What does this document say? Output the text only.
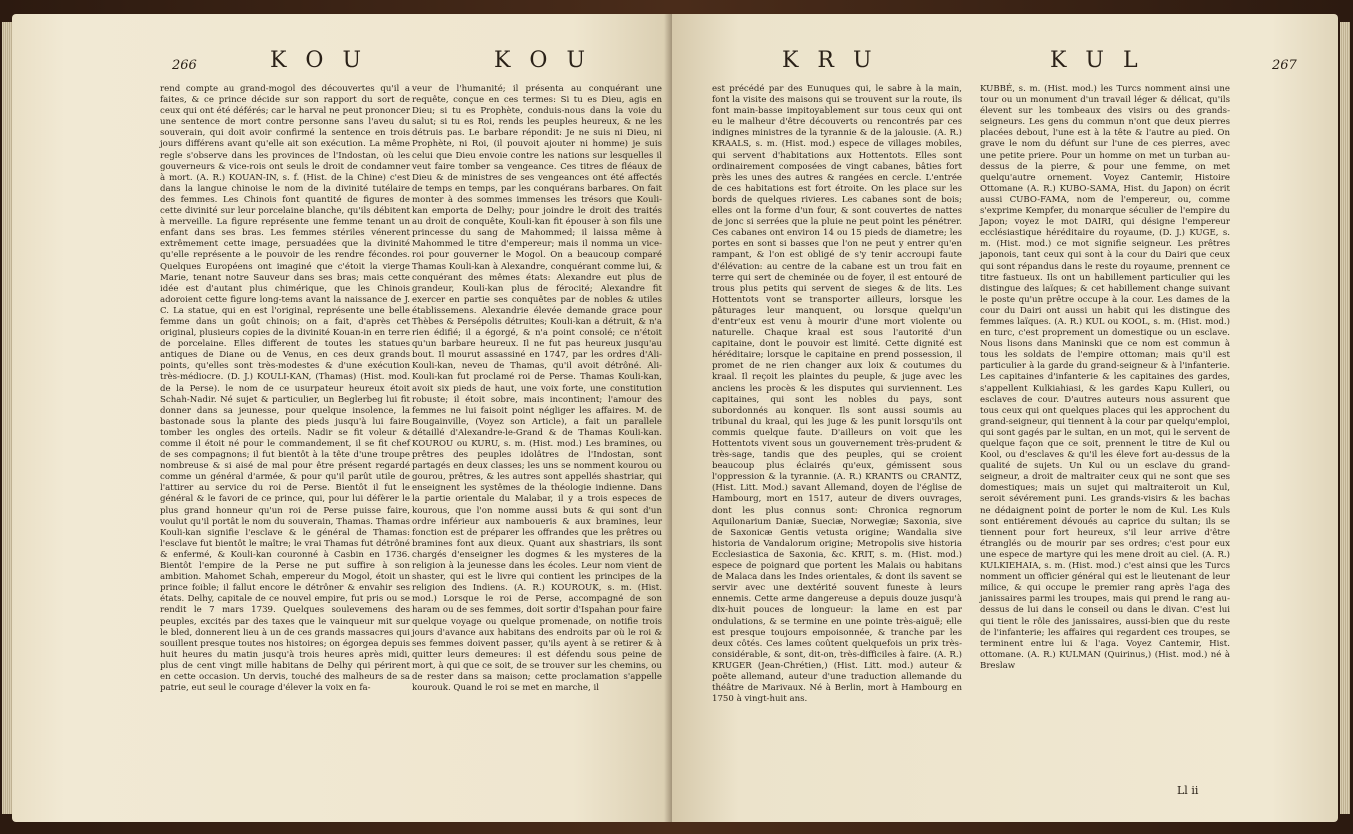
266	K O U	K O U

rend compte au grand-mogol des découvertes qu'il a faites, & ce prince décide sur son rapport du sort de ceux qui ont été déférés; car le harval ne peut prononcer une sentence de mort contre personne sans l'aveu du souverain, qui doit avoir confirmé la sentence en trois jours différens avant qu'elle ait son exécution. La même regle s'observe dans les provinces de l'Indostan, où les gouverneurs & vice-rois ont seuls le droit de condamner à mort. (A. R.) KOUAN-IN, s. f. (Hist. de la Chine) c'est dans la langue chinoise le nom de la divinité tutélaire des femmes. Les Chinois font quantité de figures de cette divinité sur leur porcelaine blanche, qu'ils débitent à merveille. La figure représente une femme tenant un enfant dans ses bras. Les femmes stériles vénerent extrêmement cette image, persuadées que la divinité qu'elle représente a le pouvoir de les rendre fécondes. Quelques Européens ont imaginé que c'étoit la vierge Marie, tenant notre Sauveur dans ses bras; mais cette idée est d'autant plus chimérique, que les Chinois adoroient cette figure long-tems avant la naissance de J. C. La statue, qui en est l'original, représente une belle femme dans un goût chinois; on a fait, d'après cet original, plusieurs copies de la divinité Kouan-in en terre de porcelaine. Elles different de toutes les statues antiques de Diane ou de Venus, en ces deux grands points, qu'elles sont très-modestes & d'une exécution très-médiocre. (D. J.) KOULI-KAN, (Thamas) (Hist. mod. de la Perse). le nom de ce usurpateur heureux étoit Schah-Nadir. Né sujet & particulier, un Beglerbeg lui fit donner dans sa jeunesse, pour quelque insolence, la bastonade sous la plante des pieds jusqu'à lui faire tomber les ongles des orteils. Nadir se fit voleur & comme il étoit né pour le commandement, il se fit chef de ses compagnons; il fut bientôt à la tête d'une troupe nombreuse & si aisé de mal pour être présent regardé comme un général d'armée, & pour qu'il parût utile de l'attirer au service du roi de Perse. Bientôt il fut le général & le favori de ce prince, qui, pour lui défèrer le plus grand honneur qu'un roi de Perse puisse faire, voulut qu'il portât le nom du souverain, Thamas. Thamas Kouli-kan signifie l'esclave & le général de Thamas: l'esclave fut bientôt le maître; le vrai Thamas fut détrôné & enfermé, & Kouli-kan couronné à Casbin en 1736. Bientôt l'empire de la Perse ne put suffire à son ambition. Mahomet Schah, empereur du Mogol, étoit un prince foible; il fallut encore le détrôner & envahir ses états. Delhy, capitale de ce nouvel empire, fut pris ou se rendit le 7 mars 1739. Quelques soulevemens des peuples, excités par des taxes que le vainqueur mit sur le bled, donnerent lieu à un de ces grands massacres qui souillent presque toutes nos histoires; on égorgea depuis huit heures du matin jusqu'à trois heures après midi, plus de cent vingt mille habitans de Delhy qui périrent en cette occasion. Un dervis, touché des malheurs de sa patrie, eut seul le courage d'élever la voix en fa-

veur de l'humanité; il présenta au conquérant une requête, conçue en ces termes: Si tu es Dieu, agis en Dieu; si tu es Prophète, conduis-nous dans la voie du salut; si tu es Roi, rends les peuples heureux, & ne les détruis pas. Le barbare répondit: Je ne suis ni Dieu, ni Prophète, ni Roi, (il pouvoit ajouter ni homme) je suis celui que Dieu envoie contre les nations sur lesquelles il veut faire tomber sa vengeance. Ces titres de fléaux de Dieu & de ministres de ses vengeances ont été affectés de temps en temps, par les conquérans barbares. On fait monter à des sommes immenses les trésors que Kouli-kan emporta de Delhy; pour joindre le droit des traités au droit de conquête, Kouli-kan fit épouser à son fils une princesse du sang de Mahommed; il laissa même à Mahommed le titre d'empereur; mais il nomma un vice-roi pour gouverner le Mogol. On a beaucoup comparé Thamas Kouli-kan à Alexandre, conquérant comme lui, & conquérant des mêmes états: Alexandre eut plus de grandeur, Kouli-kan plus de férocité; Alexandre fit exercer en partie ses conquêtes par de nobles & utiles établissemens. Alexandrie élevée demande grace pour Thèbes & Persépolis détruites; Kouli-kan a détruit, & n'a rien édifié; il a égorgé, & n'a point consolé; ce n'étoit qu'un barbare heureux. Il ne fut pas heureux jusqu'au bout. Il mourut assassiné en 1747, par les ordres d'Ali-Kouli-kan, neveu de Thamas, qu'il avoit détrôné. Ali-Kouli-kan fut proclamé roi de Perse. Thamas Kouli-kan, avoit six pieds de haut, une voix forte, une constitution robuste; il étoit sobre, mais incontinent; l'amour des femmes ne lui faisoit point négliger les affaires. M. de Bougainville, (Voyez son Article), a fait un parallele détaillé d'Alexandre-le-Grand & de Thamas Kouli-kan. KOUROU ou KURU, s. m. (Hist. mod.) Les bramines, ou prêtres des peuples idolâtres de l'Indostan, sont partagés en deux classes; les uns se nomment kourou ou gourou, prêtres, & les autres sont appellés shastriar, qui enseignent les systêmes de la théologie indienne. Dans la partie orientale du Malabar, il y a trois especes de kourous, que l'on nomme aussi buts & qui sont d'un ordre inférieur aux namboueris & aux bramines, leur fonction est de préparer les offrandes que les prêtres ou bramines font aux dieux. Quant aux shastriars, ils sont chargés d'enseigner les dogmes & les mysteres de la religion à la jeunesse dans les écoles. Leur nom vient de shaster, qui est le livre qui contient les principes de la religion des Indiens. (A. R.) KOUROUK, s. m. (Hist. mod.) Lorsque le roi de Perse, accompagné de son haram ou de ses femmes, doit sortir d'Ispahan pour faire quelque voyage ou quelque promenade, on notifie trois jours d'avance aux habitans des endroits par où le roi & ses femmes doivent passer, qu'ils ayent à se retirer & à quitter leurs demeures: il est défendu sous peine de mort, à qui que ce soit, de se trouver sur les chemins, ou de rester dans sa maison; cette proclamation s'appelle kourouk. Quand le roi se met en marche, il

K R U	K U L	267

est précédé par des Eunuques qui, le sabre à la main, font la visite des maisons qui se trouvent sur la route, ils font main-basse impitoyablement sur tous ceux qui ont eu le malheur d'être découverts ou rencontrés par ces indignes ministres de la tyrannie & de la jalousie. (A. R.) KRAALS, s. m. (Hist. mod.) espece de villages mobiles, qui servent d'habitations aux Hottentots. Elles sont ordinairement composées de vingt cabanes, bâties fort près les unes des autres & rangées en cercle. L'entrée de ces habitations est fort étroite. On les place sur les bords de quelques rivieres. Les cabanes sont de bois; elles ont la forme d'un four, & sont couvertes de nattes de jonc si serrées que la pluie ne peut point les pénétrer. Ces cabanes ont environ 14 ou 15 pieds de diametre; les portes en sont si basses que l'on ne peut y entrer qu'en rampant, & l'on est obligé de s'y tenir accroupi faute d'élévation: au centre de la cabane est un trou fait en terre qui sert de cheminée ou de foyer, il est entouré de trous plus petits qui servent de sieges & de lits. Les Hottentots vont se transporter ailleurs, lorsque les pâturages leur manquent, ou lorsque quelqu'un d'entr'eux est venu à mourir d'une mort violente ou naturelle. Chaque kraal est sous l'autorité d'un capitaine, dont le pouvoir est limité. Cette dignité est héréditaire; lorsque le capitaine en prend possession, il promet de ne rien changer aux loix & coutumes du kraal. Il reçoit les plaintes du peuple, & juge avec les anciens les procès & les disputes qui surviennent. Les capitaines, qui sont les nobles du pays, sont subordonnés au konquer. Ils sont aussi soumis au tribunal du kraal, qui les juge & les punit lorsqu'ils ont commis quelque faute. D'ailleurs on voit que les Hottentots vivent sous un gouvernement très-prudent & très-sage, tandis que des peuples, qui se croient beaucoup plus éclairés qu'eux, gémissent sous l'oppression & la tyrannie. (A. R.) KRANTS ou CRANTZ, (Hist. Litt. Mod.) savant Allemand, doyen de l'église de Hambourg, mort en 1517, auteur de divers ouvrages, dont les plus connus sont: Chronica regnorum Aquilonarium Daniæ, Sueciæ, Norwegiæ; Saxonia, sive de Saxonicæ Gentis vetusta origine; Wandalia sive historia de Vandalorum origine; Metropolis sive historia Ecclesiastica de Saxonia, &c. KRIT, s. m. (Hist. mod.) espece de poignard que portent les Malais ou habitans de Malaca dans les Indes orientales, & dont ils savent se servir avec une dextérité souvent funeste à leurs ennemis. Cette arme dangereuse a depuis douze jusqu'à dix-huit pouces de longueur: la lame en est par ondulations, & se termine en une pointe très-aiguë; elle est presque toujours empoisonnée, & tranche par les deux côtés. Ces lames coûtent quelquefois un prix très-considérable, & sont, dit-on, très-difficiles à faire. (A. R.) KRUGER (Jean-Chrétien,) (Hist. Litt. mod.) auteur & poëte allemand, auteur d'une traduction allemande du théâtre de Marivaux. Né à Berlin, mort à Hambourg en 1750 à vingt-huit ans.

KUBBÉ, s. m. (Hist. mod.) les Turcs nomment ainsi une tour ou un monument d'un travail léger & délicat, qu'ils élevent sur les tombeaux des visirs ou des grands-seigneurs. Les gens du commun n'ont que deux pierres placées debout, l'une est à la tête & l'autre au pied. On grave le nom du défunt sur l'une de ces pierres, avec une petite priere. Pour un homme on met un turban au-dessus de la pierre, & pour une femme, on met quelqu'autre ornement. Voyez Cantemir, Histoire Ottomane (A. R.) KUBO-SAMA, Hist. du Japon) on écrit aussi CUBO-FAMA, nom de l'empereur, ou, comme s'exprime Kempfer, du monarque séculier de l'empire du Japon; voyez le mot DAIRI, qui désigne l'empereur ecclésiastique héréditaire du royaume, (D. J.) KUGE, s. m. (Hist. mod.) ce mot signifie seigneur. Les prêtres japonois, tant ceux qui sont à la cour du Dairi que ceux qui sont répandus dans le reste du royaume, prennent ce titre fastueux. Ils ont un habillement particulier qui les distingue des laïques; & cet habillement change suivant le poste qu'un prêtre occupe à la cour. Les dames de la cour du Dairi ont aussi un habit qui les distingue des femmes laïques. (A. R.) KUL ou KOOL, s. m. (Hist. mod.) en turc, c'est proprement un domestique ou un esclave. Nous lisons dans Maninski que ce nom est commun à tous les soldats de l'empire ottoman; mais qu'il est particulier à la garde du grand-seigneur & à l'infanterie. Les capitaines d'infanterie & les capitaines des gardes, s'appellent Kulkiahiasi, & les gardes Kapu Kulleri, ou esclaves de cour. D'autres auteurs nous assurent que tous ceux qui ont quelques places qui les approchent du grand-seigneur, qui tiennent à la cour par quelqu'emploi, qui sont gagés par le sultan, en un mot, qui le servent de quelque façon que ce soit, prennent le titre de Kul ou Kool, ou d'esclaves & qu'il les éleve fort au-dessus de la qualité de sujets. Un Kul ou un esclave du grand-seigneur, a droit de maltraiter ceux qui ne sont que ses domestiques; mais un sujet qui maltraiteroit un Kul, seroit sévérement puni. Les grands-visirs & les bachas ne dédaignent point de porter le nom de Kul. Les Kuls sont entiérement dévoués au caprice du sultan; ils se tiennent pour fort heureux, s'il leur arrive d'être étranglés ou de mourir par ses ordres; c'est pour eux une espece de martyre qui les mene droit au ciel. (A. R.) KULKIEHAIA, s. m. (Hist. mod.) c'est ainsi que les Turcs nomment un officier général qui est le lieutenant de leur milice, & qui occupe le premier rang après l'aga des janissaires parmi les troupes, mais qui prend le rang au-dessus de lui dans le conseil ou dans le divan. C'est lui qui tient le rôle des janissaires, aussi-bien que du reste de l'infanterie; les affaires qui regardent ces troupes, se terminent entre lui & l'aga. Voyez Cantemir, Hist. ottomane. (A. R.) KULMAN (Quirinus,) (Hist. mod.) né à Breslaw

Ll ii
